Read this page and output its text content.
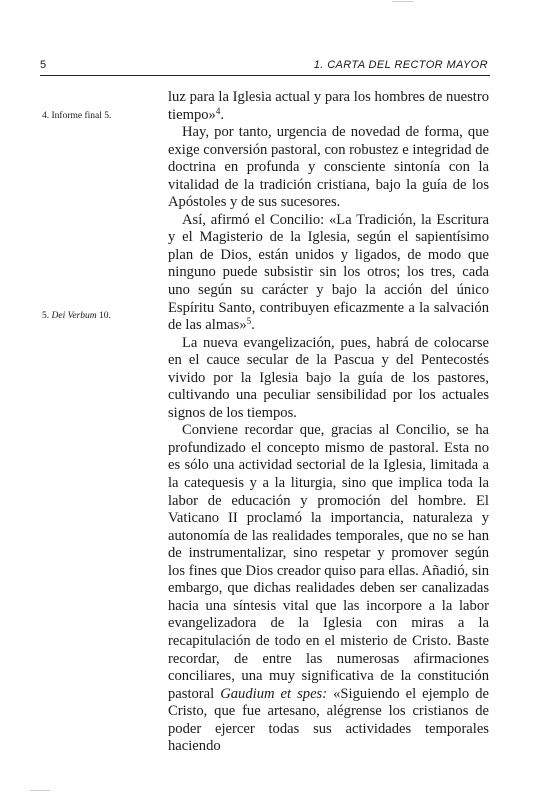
5	1. CARTA DEL RECTOR MAYOR
4. Informe final 5.
5. Dei Verbum 10.

luz para la Iglesia actual y para los hombres de nuestro tiempo»$^4$.

Hay, por tanto, urgencia de novedad de forma, que exige conversión pastoral, con robustez e integridad de doctrina en profunda y consciente sintonía con la vitalidad de la tradición cristiana, bajo la guía de los Apóstoles y de sus sucesores.

Así, afirmó el Concilio: «La Tradición, la Escritura y el Magisterio de la Iglesia, según el sapientísimo plan de Dios, están unidos y ligados, de modo que ninguno puede subsistir sin los otros; los tres, cada uno según su carácter y bajo la acción del único Espíritu Santo, contribuyen eficazmente a la salvación de las almas»$^5$.

La nueva evangelización, pues, habrá de colocarse en el cauce secular de la Pascua y del Pentecostés vivido por la Iglesia bajo la guía de los pastores, cultivando una peculiar sensibilidad por los actuales signos de los tiempos.

Conviene recordar que, gracias al Concilio, se ha profundizado el concepto mismo de pastoral. Esta no es sólo una actividad sectorial de la Iglesia, limitada a la catequesis y a la liturgia, sino que implica toda la labor de educación y promoción del hombre. El Vaticano II proclamó la importancia, naturaleza y autonomía de las realidades temporales, que no se han de instrumentalizar, sino respetar y promover según los fines que Dios creador quiso para ellas. Añadió, sin embargo, que dichas realidades deben ser canalizadas hacia una síntesis vital que las incorpore a la labor evangelizadora de la Iglesia con miras a la recapitulación de todo en el misterio de Cristo. Baste recordar, de entre las numerosas afirmaciones conciliares, una muy significativa de la constitución pastoral Gaudium et spes: «Siguiendo el ejemplo de Cristo, que fue artesano, alégrense los cristianos de poder ejercer todas sus actividades temporales haciendo
